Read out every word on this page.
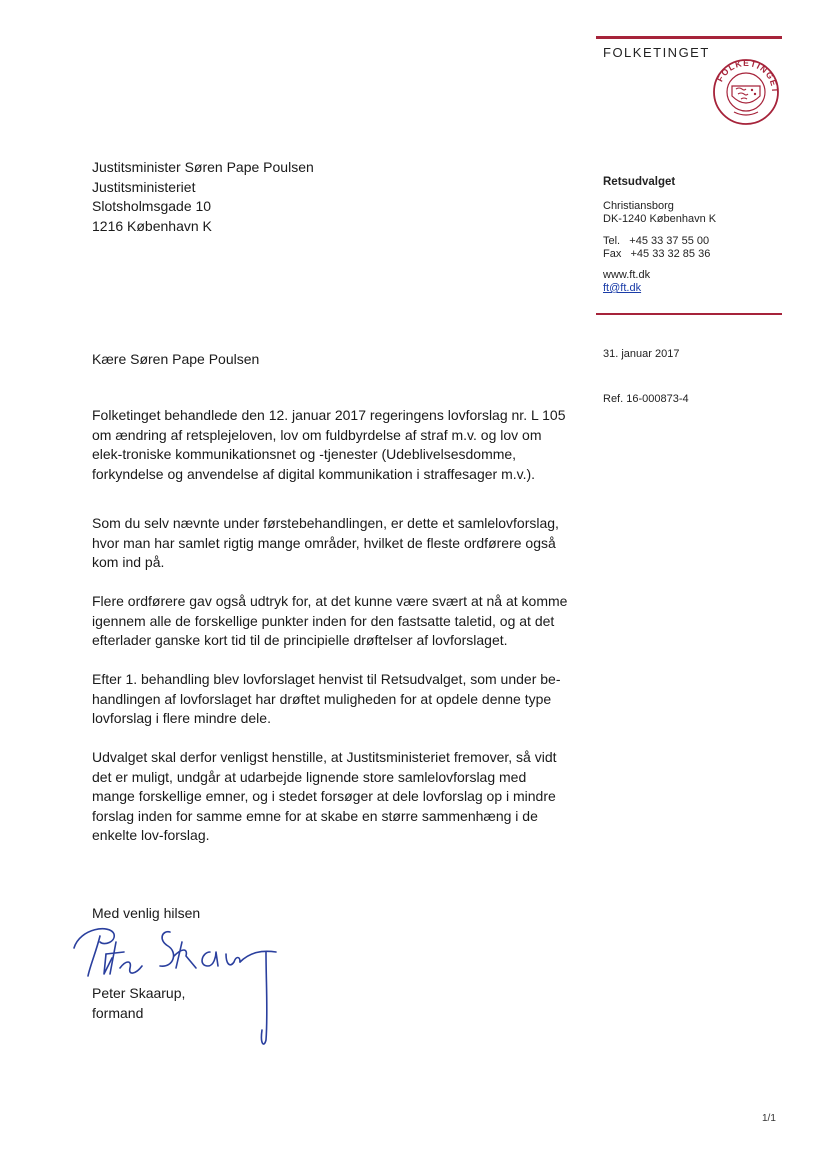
FOLKETINGET
FOLKETINGET
Justitsminister Søren Pape Poulsen
Justitsministeriet
Slotsholmsgade 10
1216 København K
Retsudvalget
Christiansborg
DK-1240 København K
Tel.   +45 33 37 55 00
Fax   +45 33 32 85 36
www.ft.dk
ft@ft.dk
31. januar 2017
Ref. 16-000873-4
Kære Søren Pape Poulsen
Folketinget behandlede den 12. januar 2017 regeringens lovforslag nr. L 105 om ændring af retsplejeloven, lov om fuldbyrdelse af straf m.v. og lov om elek-troniske kommunikationsnet og -tjenester (Udeblivelsesdomme, forkyndelse og anvendelse af digital kommunikation i straffesager m.v.).
Som du selv nævnte under førstebehandlingen, er dette et samlelovforslag, hvor man har samlet rigtig mange områder, hvilket de fleste ordførere også kom ind på.
Flere ordførere gav også udtryk for, at det kunne være svært at nå at komme igennem alle de forskellige punkter inden for den fastsatte taletid, og at det efterlader ganske kort tid til de principielle drøftelser af lovforslaget.
Efter 1. behandling blev lovforslaget henvist til Retsudvalget, som under be-handlingen af lovforslaget har drøftet muligheden for at opdele denne type lovforslag i flere mindre dele.
Udvalget skal derfor venligst henstille, at Justitsministeriet fremover, så vidt det er muligt, undgår at udarbejde lignende store samlelovforslag med mange forskellige emner, og i stedet forsøger at dele lovforslag op i mindre forslag inden for samme emne for at skabe en større sammenhæng i de enkelte lov-forslag.
Med venlig hilsen
Peter Skaarup,
formand
1/1
